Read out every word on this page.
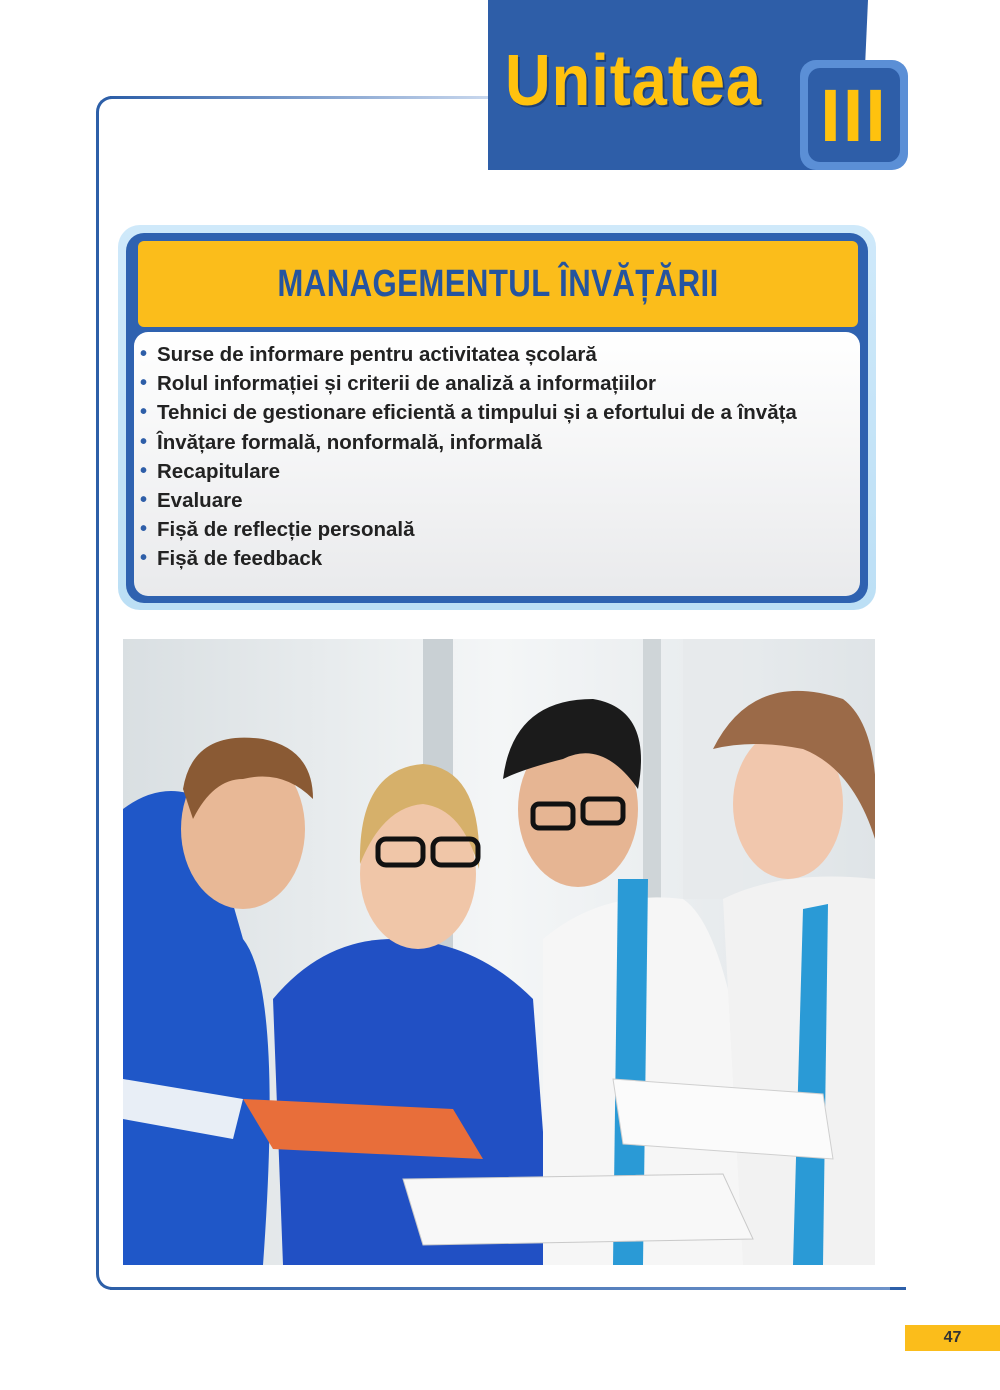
Unitatea III
MANAGEMENTUL ÎNVĂȚĂRII
• Surse de informare pentru activitatea școlară
• Rolul informației și criterii de analiză a informațiilor
• Tehnici de gestionare eficientă a timpului și a efortului de a învăța
• Învățare formală, nonformală, informală
• Recapitulare
• Evaluare
• Fișă de reflecție personală
• Fișă de feedback
47
